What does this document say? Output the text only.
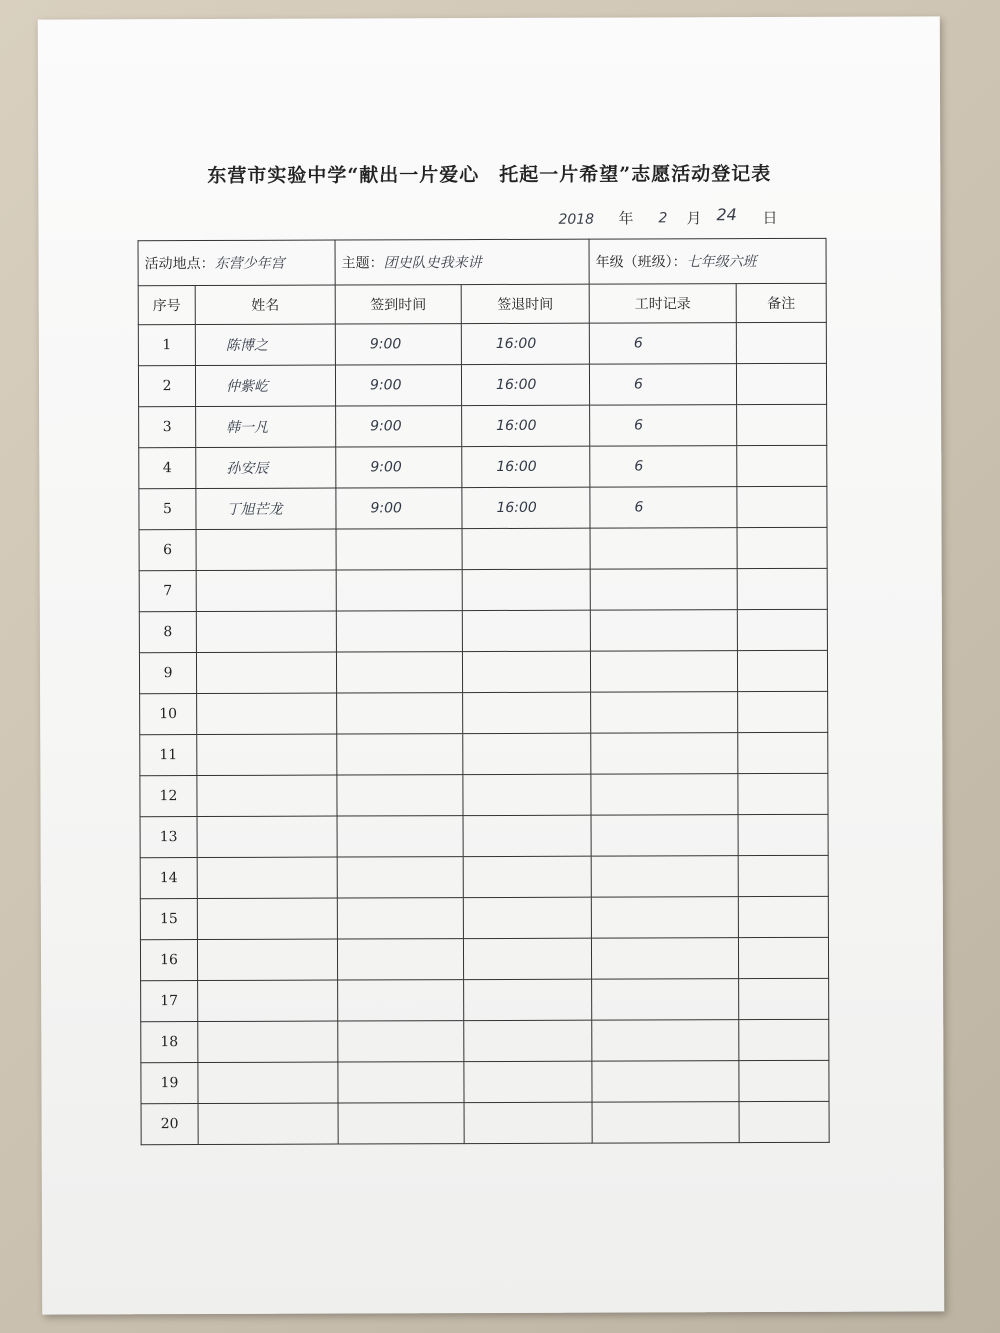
东营市实验中学“献出一片爱心　托起一片希望”志愿活动登记表
2018 年 2 月 24 日
活动地点：东营少年宫		主题：团史队史我来讲		年级（班级）：七年级六班	
序号	姓名	签到时间	签退时间	工时记录	备注
1	陈博之	9:00	16:00	6	
2	仲紫屹	9:00	16:00	6	
3	韩一凡	9:00	16:00	6	
4	孙安辰	9:00	16:00	6	
5	丁旭芒龙	9:00	16:00	6	
6					
7					
8					
9					
10					
11					
12					
13					
14					
15					
16					
17					
18					
19					
20					
